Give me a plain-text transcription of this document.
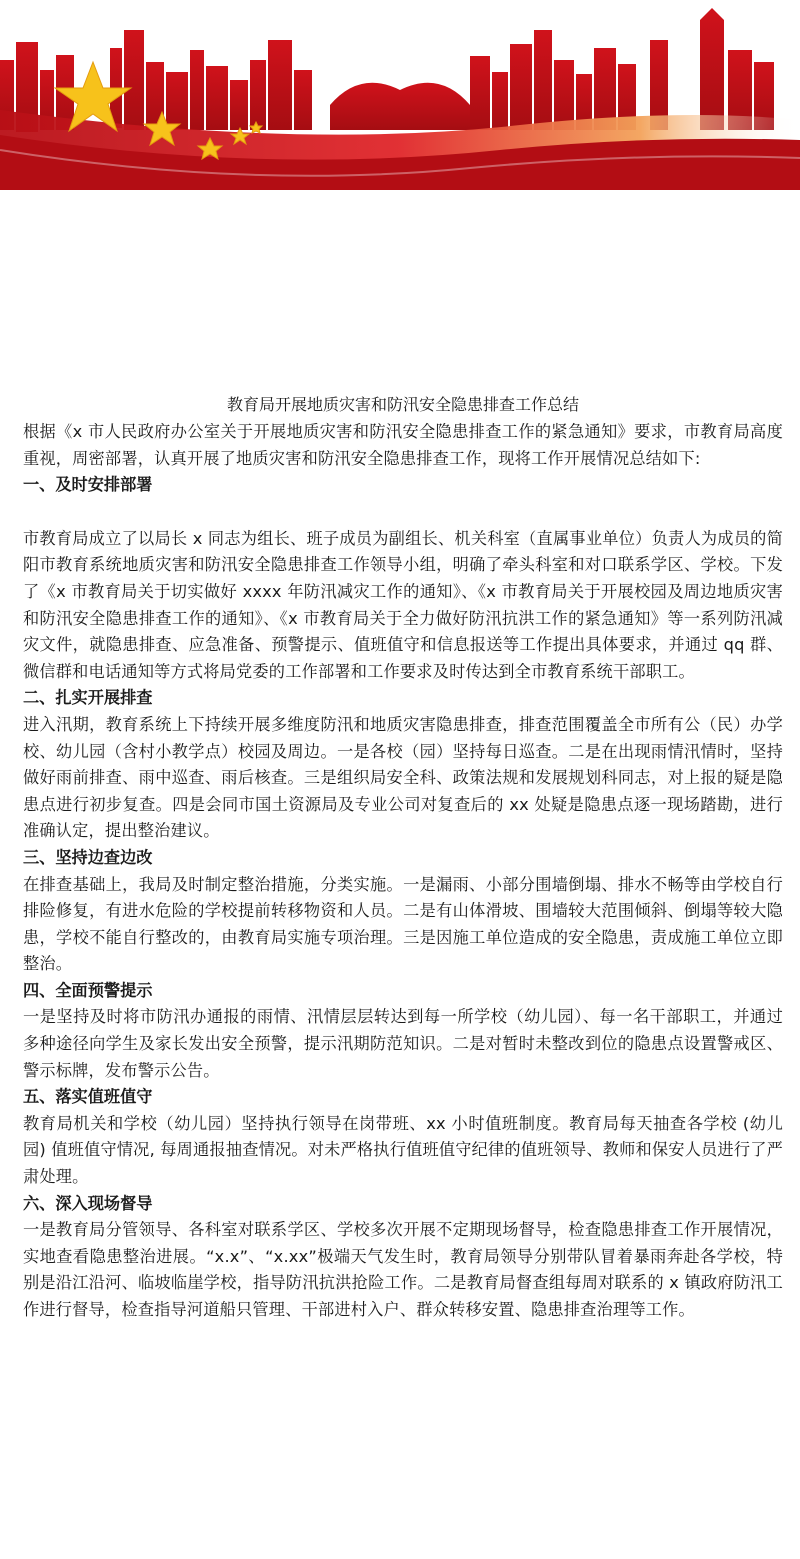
教育局开展地质灾害和防汛安全隐患排查工作总结

根据《x 市人民政府办公室关于开展地质灾害和防汛安全隐患排查工作的紧急通知》要求，市教育局高度重视，周密部署，认真开展了地质灾害和防汛安全隐患排查工作，现将工作开展情况总结如下:

一、及时安排部署

市教育局成立了以局长 x 同志为组长、班子成员为副组长、机关科室（直属事业单位）负责人为成员的简阳市教育系统地质灾害和防汛安全隐患排查工作领导小组，明确了牵头科室和对口联系学区、学校。下发了《x 市教育局关于切实做好 xxxx 年防汛减灾工作的通知》、《x 市教育局关于开展校园及周边地质灾害和防汛安全隐患排查工作的通知》、《x 市教育局关于全力做好防汛抗洪工作的紧急通知》等一系列防汛减灾文件，就隐患排查、应急准备、预警提示、值班值守和信息报送等工作提出具体要求，并通过 qq 群、微信群和电话通知等方式将局党委的工作部署和工作要求及时传达到全市教育系统干部职工。

二、扎实开展排查

进入汛期，教育系统上下持续开展多维度防汛和地质灾害隐患排查，排查范围覆盖全市所有公（民）办学校、幼儿园（含村小教学点）校园及周边。一是各校（园）坚持每日巡查。二是在出现雨情汛情时，坚持做好雨前排查、雨中巡查、雨后核查。三是组织局安全科、政策法规和发展规划科同志，对上报的疑是隐患点进行初步复查。四是会同市国土资源局及专业公司对复查后的 xx 处疑是隐患点逐一现场踏勘，进行准确认定，提出整治建议。

三、坚持边查边改

在排查基础上，我局及时制定整治措施，分类实施。一是漏雨、小部分围墙倒塌、排水不畅等由学校自行排险修复，有进水危险的学校提前转移物资和人员。二是有山体滑坡、围墙较大范围倾斜、倒塌等较大隐患，学校不能自行整改的，由教育局实施专项治理。三是因施工单位造成的安全隐患，责成施工单位立即整治。

四、全面预警提示

一是坚持及时将市防汛办通报的雨情、汛情层层转达到每一所学校（幼儿园）、每一名干部职工，并通过多种途径向学生及家长发出安全预警，提示汛期防范知识。二是对暂时未整改到位的隐患点设置警戒区、警示标牌，发布警示公告。

五、落实值班值守

教育局机关和学校（幼儿园）坚持执行领导在岗带班、xx 小时值班制度。教育局每天抽查各学校 (幼儿园) 值班值守情况, 每周通报抽查情况。对未严格执行值班值守纪律的值班领导、教师和保安人员进行了严肃处理。

六、深入现场督导

一是教育局分管领导、各科室对联系学区、学校多次开展不定期现场督导，检查隐患排查工作开展情况，实地查看隐患整治进展。“x.x”、“x.xx”极端天气发生时，教育局领导分别带队冒着暴雨奔赴各学校，特别是沿江沿河、临坡临崖学校，指导防汛抗洪抢险工作。二是教育局督查组每周对联系的 x 镇政府防汛工作进行督导，检查指导河道船只管理、干部进村入户、群众转移安置、隐患排查治理等工作。
